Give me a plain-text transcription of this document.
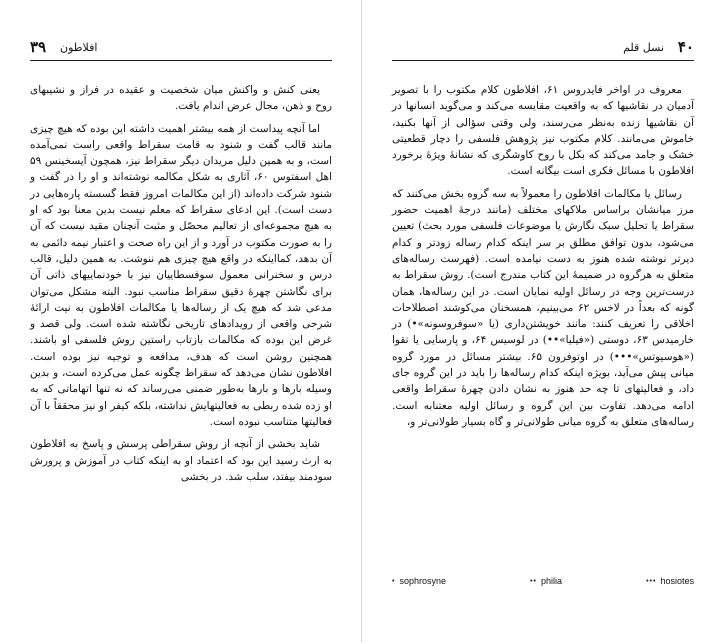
۳۹ افلاطون

یعنی کنش و واکنش میان شخصیت و عقیده در فراز و نشیبهای روح و ذهن، مجال عرض اندام یافت.

اما آنچه پیداست از همه بیشتر اهمیت داشته این بوده که هیچ چیزی مانند قالب گفت و شنود به قامت سقراط واقعی راست نمی‌آمده است، و به همین دلیل مریدان دیگر سقراط نیز، همچون آیسخینس ۵۹ اهل اسفتوس ۶۰، آثاری به شکل مکالمه نوشته‌اند و او را در گفت و شنود شرکت داده‌اند (از این مکالمات امروز فقط گسسته پاره‌هایی در دست است). این ادعای سقراط که معلم نیست بدین معنا بود که او به هیچ مجموعه‌ای از تعالیم محصّل و مثبت آنچنان مقید نیست که آن را به صورت مکتوب در آورد و از این راه صحت و اعتبار نیمه دائمی به آن بدهد، کمااینکه در واقع هیچ چیزی هم ننوشت. به همین دلیل، قالب درس و سخنرانی معمول سوفسطاییان نیز با خودنماییهای ذاتی آن برای نگاشتن چهرهٔ دقیق سقراط مناسب نبود. البته مشکل می‌توان مدعی شد که هیچ یک از رساله‌ها یا مکالمات افلاطون به نیت ارائهٔ شرحی واقعی از رویدادهای تاریخی نگاشته شده است. ولی قصد و غرض این بوده که مکالمات بازتاب راستین روش فلسفی او باشند. همچنین روشن است که هدف، مدافعه و توجیه نیز بوده است. افلاطون نشان می‌دهد که سقراط چگونه عمل می‌کرده است، و بدین وسیله بارها و بارها به‌طور ضمنی می‌رساند که نه تنها اتهاماتی که به او زده شده ربطی به فعالیتهایش نداشته، بلکه کیفر او نیز محققاً با آن فعالیتها متناسب نبوده است.

شاید بخشی از آنچه از روش سقراطی پرسش و پاسخ به افلاطون به ارث رسید این بود که اعتماد او به اینکه کتاب در آموزش و پرورش سودمند بیفتد، سلب شد. در بخشی

۴۰
نسل قلم

معروف در اواخر فایدروس ۶۱، افلاطون کلام مکتوب را با تصویر آدمیان در نقاشیها که به واقعیت مقایسه می‌کند و می‌گوید انسانها در آن نقاشیها زنده به‌نظر می‌رسند، ولی وقتی سؤالی از آنها بکنید، خاموش می‌مانند. کلام مکتوب نیز پژوهش فلسفی را دچار قطعیتی خشک و جامد می‌کند که بکل با روح کاوشگری که نشانهٔ ویژهٔ برخورد افلاطون با مسائل فکری است بیگانه است.

رسائل یا مکالمات افلاطون را معمولاً به سه گروه بخش می‌کنند که مرز میانشان براساس ملاکهای مختلف (مانند درجهٔ اهمیت حضور سقراط یا تحلیل سبک نگارش یا موضوعات فلسفی مورد بحث) تعیین می‌شود، بدون توافق مطلق بر سر اینکه کدام رساله زودتر و کدام دیرتر نوشته شده هنوز به دست نیامده است. (فهرست رساله‌های متعلق به هرگروه در ضمیمهٔ این کتاب مندرج است). روش سقراط به درست‌ترین وجه در رسائل اولیه نمایان است. در این رساله‌ها، همان گونه که بعداً در لاخس ۶۲ می‌بینیم، همسخنان می‌کوشند اصطلاحات اخلاقی را تعریف کنند: مانند خویشتن‌داری (یا «سوفروسونه»•) در خارمیدس ۶۳، دوستی («فیلیا»••) در لوسیس ۶۴، و پارسایی یا تقوا («هوسیوتس»•••) در اوتوفرون ۶۵. بیشتر مسائل در مورد گروه میانی پیش می‌آید، بویژه اینکه کدام رساله‌ها را باید در این گروه جای داد، و فعالیتهای تا چه حد هنوز به نشان دادن چهرهٔ سقراط واقعی ادامه می‌دهد. تفاوت بین این گروه و رسائل اولیه معتنابه است. رساله‌های متعلق به گروه میانی طولانی‌تر و گاه بسیار طولانی‌تر و،

• sophrosyne	•• philia	••• hosiotes
